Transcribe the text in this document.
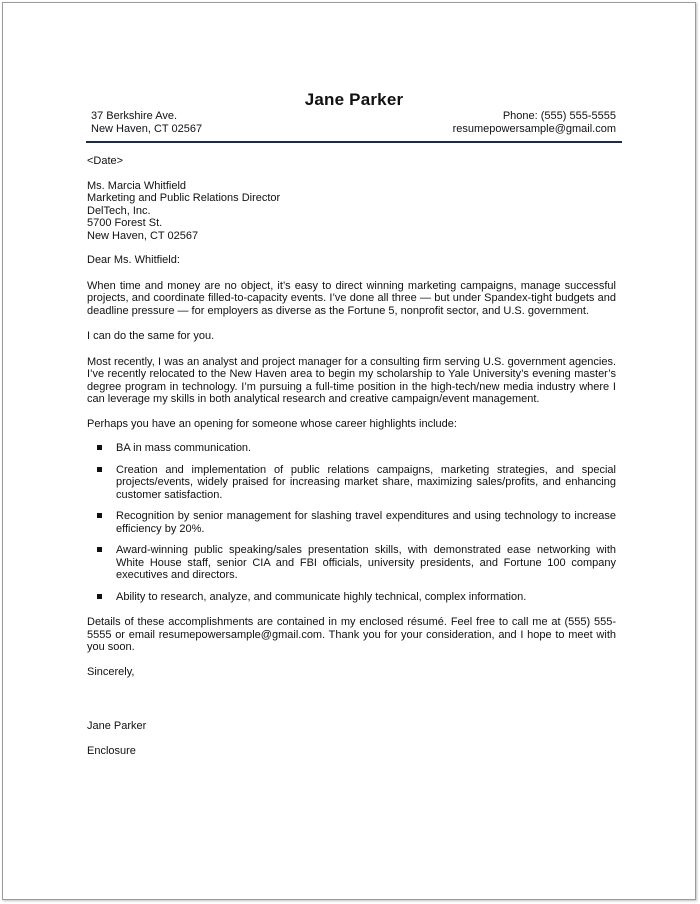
Jane Parker
37 Berkshire Ave.
New Haven, CT 02567
Phone: (555) 555-5555
resumepowersample@gmail.com

<Date>

Ms. Marcia Whitfield
Marketing and Public Relations Director
DelTech, Inc.
5700 Forest St.
New Haven, CT 02567

Dear Ms. Whitfield:

When time and money are no object, it’s easy to direct winning marketing campaigns, manage successful projects, and coordinate filled-to-capacity events. I’ve done all three — but under Spandex-tight budgets and deadline pressure — for employers as diverse as the Fortune 5, nonprofit sector, and U.S. government.

I can do the same for you.

Most recently, I was an analyst and project manager for a consulting firm serving U.S. government agencies. I’ve recently relocated to the New Haven area to begin my scholarship to Yale University’s evening master’s degree program in technology. I’m pursuing a full-time position in the high-tech/new media industry where I can leverage my skills in both analytical research and creative campaign/event management.

Perhaps you have an opening for someone whose career highlights include:

BA in mass communication.
Creation and implementation of public relations campaigns, marketing strategies, and special projects/events, widely praised for increasing market share, maximizing sales/profits, and enhancing customer satisfaction.
Recognition by senior management for slashing travel expenditures and using technology to increase efficiency by 20%.
Award-winning public speaking/sales presentation skills, with demonstrated ease networking with White House staff, senior CIA and FBI officials, university presidents, and Fortune 100 company executives and directors.
Ability to research, analyze, and communicate highly technical, complex information.

Details of these accomplishments are contained in my enclosed résumé. Feel free to call me at (555) 555-5555 or email resumepowersample@gmail.com. Thank you for your consideration, and I hope to meet with you soon.

Sincerely,

Jane Parker

Enclosure
